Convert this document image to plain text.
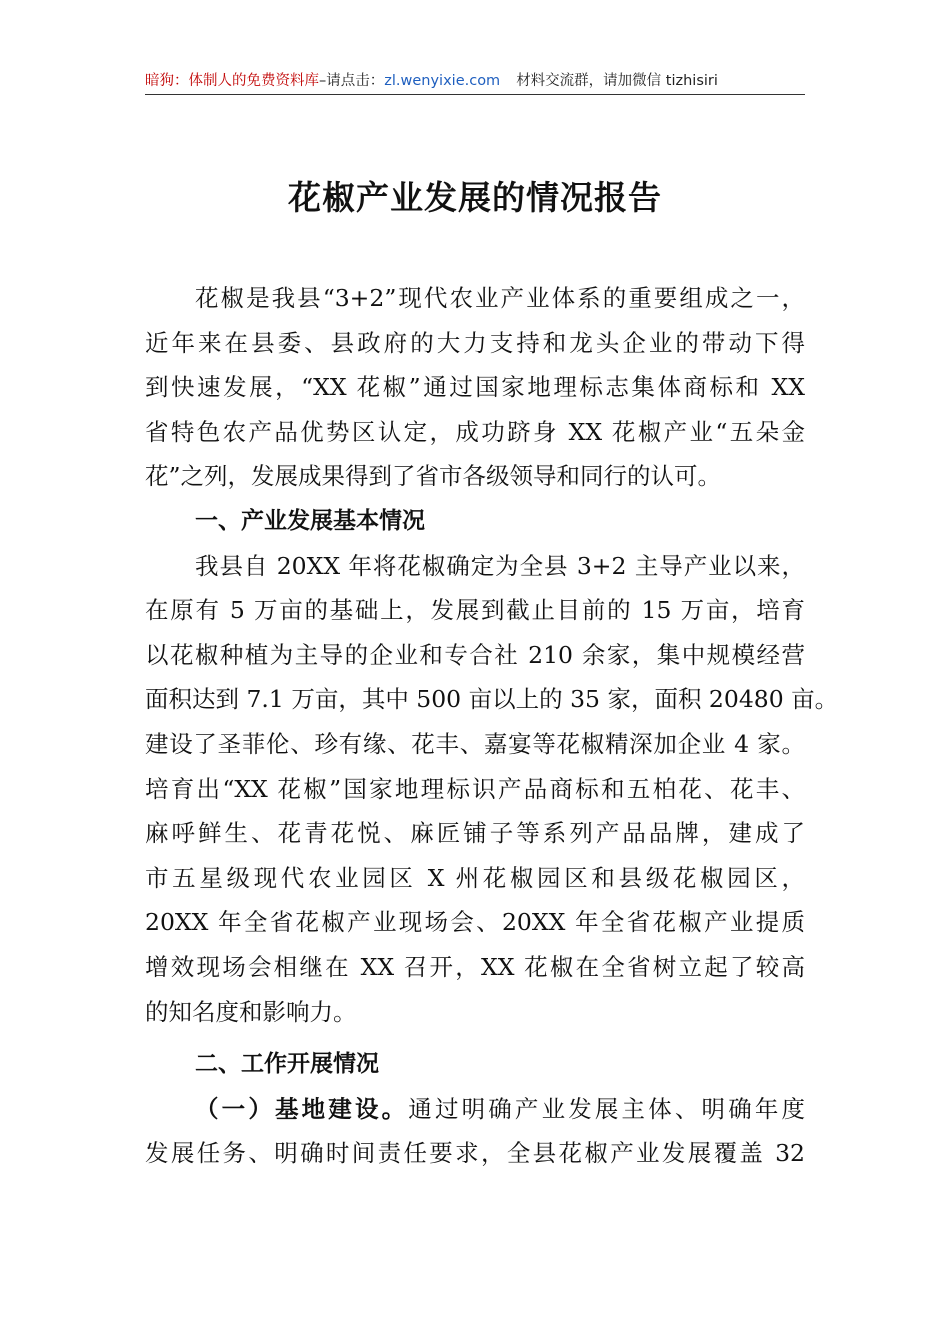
暗狗：体制人的免费资料库–请点击：zl.wenyixie.com 材料交流群，请加微信 tizhisiri
花椒产业发展的情况报告
花椒是我县“3+2”现代农业产业体系的重要组成之一，
近年来在县委、县政府的大力支持和龙头企业的带动下得
到快速发展，“XX 花椒”通过国家地理标志集体商标和 XX
省特色农产品优势区认定，成功跻身 XX 花椒产业“五朵金
花”之列，发展成果得到了省市各级领导和同行的认可。
一、产业发展基本情况
我县自 20XX 年将花椒确定为全县 3+2 主导产业以来，
在原有 5 万亩的基础上，发展到截止目前的 15 万亩，培育
以花椒种植为主导的企业和专合社 210 余家，集中规模经营
面积达到 7.1 万亩，其中 500 亩以上的 35 家，面积 20480 亩。
建设了圣菲伦、珍有缘、花丰、嘉宴等花椒精深加企业 4 家。
培育出“XX 花椒”国家地理标识产品商标和五柏花、花丰、
麻呼鲜生、花青花悦、麻匠铺子等系列产品品牌，建成了
市五星级现代农业园区 X 州花椒园区和县级花椒园区，
20XX 年全省花椒产业现场会、20XX 年全省花椒产业提质
增效现场会相继在 XX 召开，XX 花椒在全省树立起了较高
的知名度和影响力。
二、工作开展情况
（一）基地建设。通过明确产业发展主体、明确年度
发展任务、明确时间责任要求，全县花椒产业发展覆盖 32
